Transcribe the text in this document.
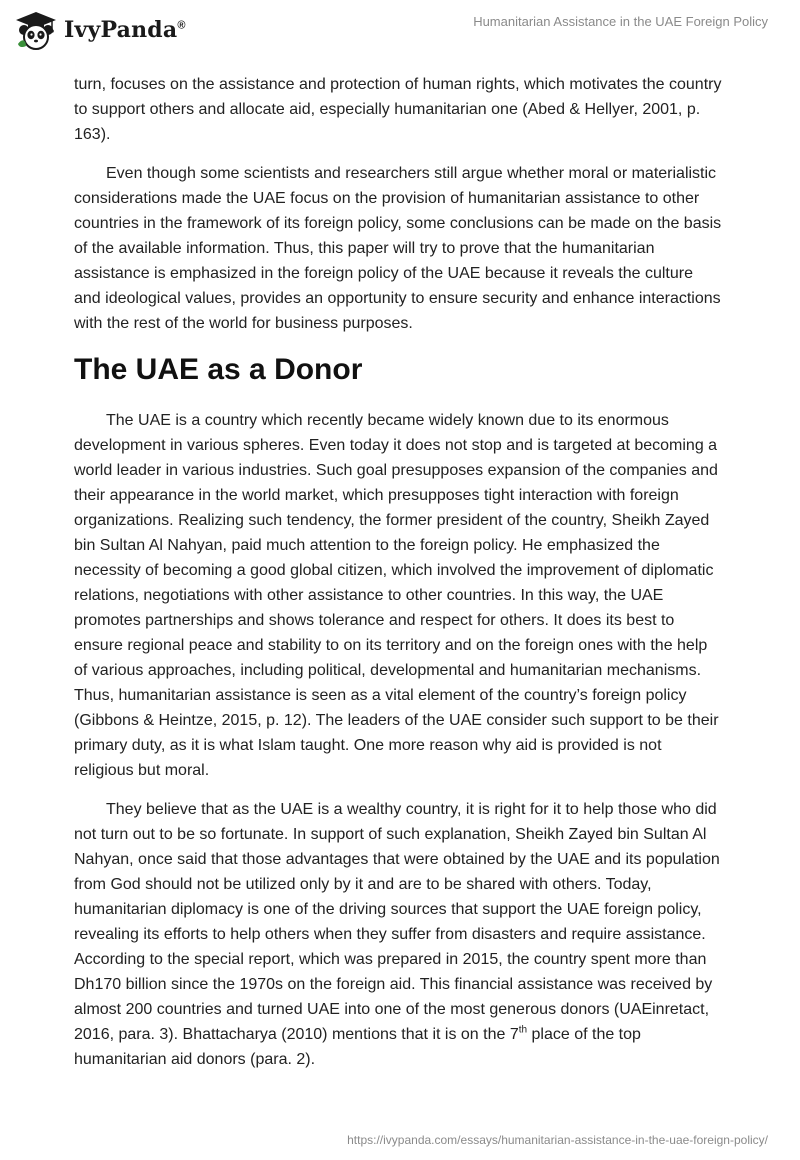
IvyPanda®	Humanitarian Assistance in the UAE Foreign Policy

turn, focuses on the assistance and protection of human rights, which motivates the country to support others and allocate aid, especially humanitarian one (Abed & Hellyer, 2001, p. 163).

Even though some scientists and researchers still argue whether moral or materialistic considerations made the UAE focus on the provision of humanitarian assistance to other countries in the framework of its foreign policy, some conclusions can be made on the basis of the available information. Thus, this paper will try to prove that the humanitarian assistance is emphasized in the foreign policy of the UAE because it reveals the culture and ideological values, provides an opportunity to ensure security and enhance interactions with the rest of the world for business purposes.

The UAE as a Donor

The UAE is a country which recently became widely known due to its enormous development in various spheres. Even today it does not stop and is targeted at becoming a world leader in various industries. Such goal presupposes expansion of the companies and their appearance in the world market, which presupposes tight interaction with foreign organizations. Realizing such tendency, the former president of the country, Sheikh Zayed bin Sultan Al Nahyan, paid much attention to the foreign policy. He emphasized the necessity of becoming a good global citizen, which involved the improvement of diplomatic relations, negotiations with other assistance to other countries. In this way, the UAE promotes partnerships and shows tolerance and respect for others. It does its best to ensure regional peace and stability to on its territory and on the foreign ones with the help of various approaches, including political, developmental and humanitarian mechanisms. Thus, humanitarian assistance is seen as a vital element of the country’s foreign policy (Gibbons & Heintze, 2015, p. 12). The leaders of the UAE consider such support to be their primary duty, as it is what Islam taught. One more reason why aid is provided is not religious but moral.

They believe that as the UAE is a wealthy country, it is right for it to help those who did not turn out to be so fortunate. In support of such explanation, Sheikh Zayed bin Sultan Al Nahyan, once said that those advantages that were obtained by the UAE and its population from God should not be utilized only by it and are to be shared with others. Today, humanitarian diplomacy is one of the driving sources that support the UAE foreign policy, revealing its efforts to help others when they suffer from disasters and require assistance. According to the special report, which was prepared in 2015, the country spent more than Dh170 billion since the 1970s on the foreign aid. This financial assistance was received by almost 200 countries and turned UAE into one of the most generous donors (UAEinretact, 2016, para. 3). Bhattacharya (2010) mentions that it is on the 7th place of the top humanitarian aid donors (para. 2).

https://ivypanda.com/essays/humanitarian-assistance-in-the-uae-foreign-policy/
